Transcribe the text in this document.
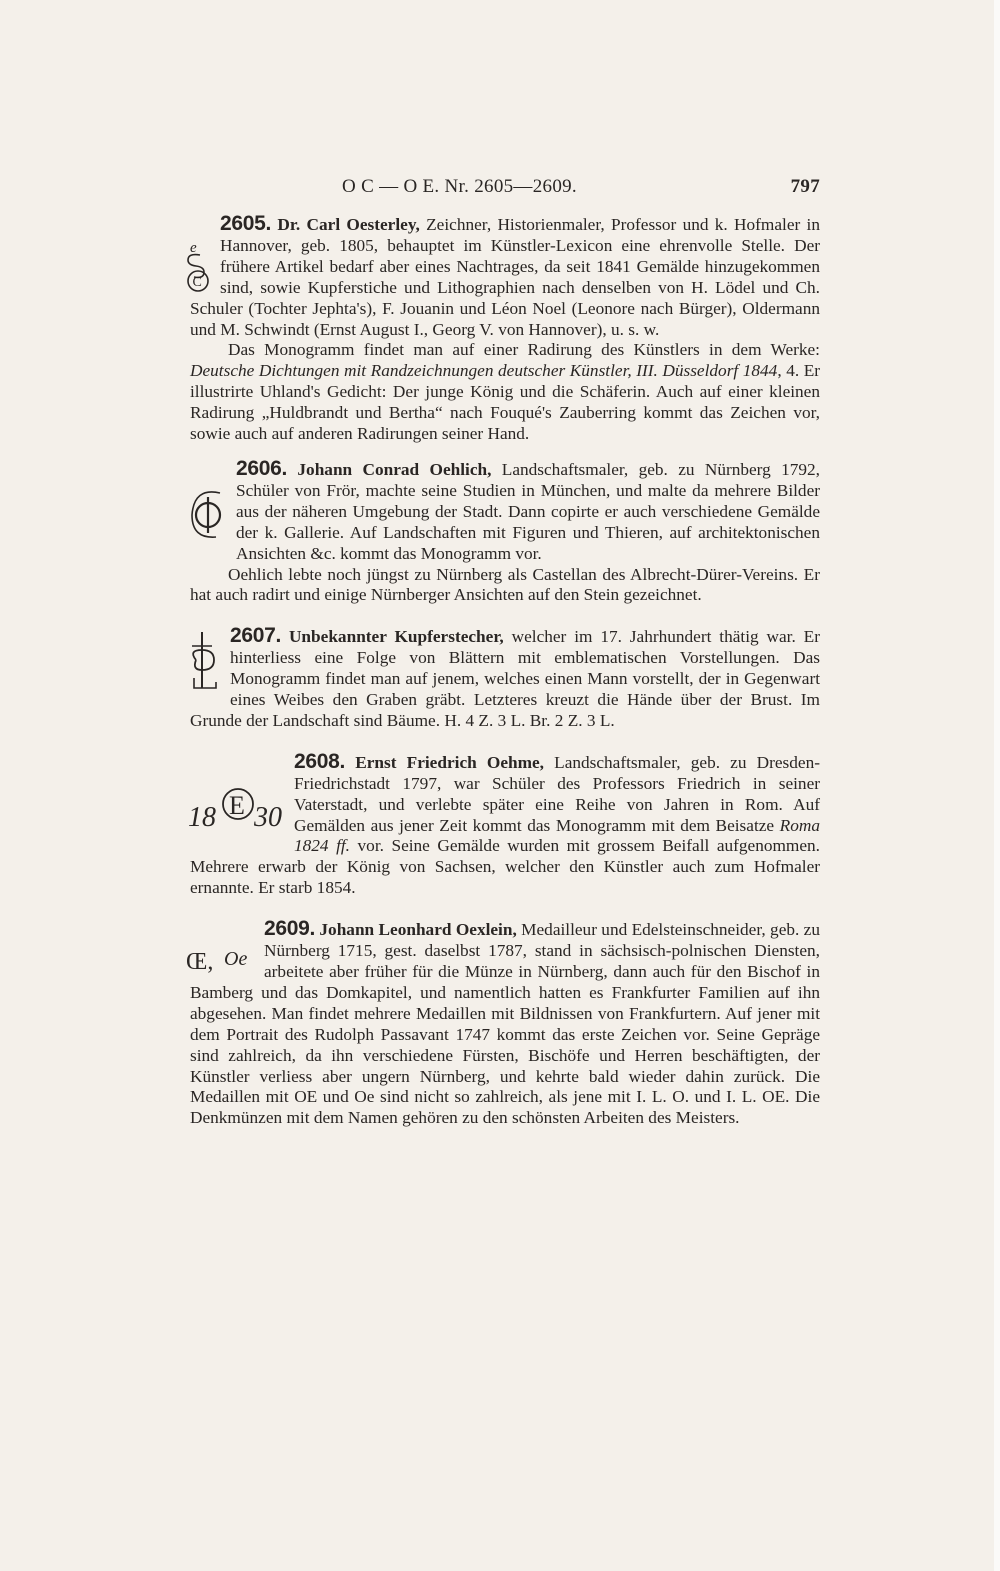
O C — O E. Nr. 2605—2609.	797
e
C

2605. Dr. Carl Oesterley, Zeichner, Historienmaler, Professor und k. Hofmaler in Hannover, geb. 1805, behauptet im Künstler-Lexicon eine ehrenvolle Stelle. Der frühere Artikel bedarf aber eines Nachtrages, da seit 1841 Gemälde hinzugekommen sind, sowie Kupferstiche und Lithographien nach denselben von H. Lödel und Ch. Schuler (Tochter Jephta's), F. Jouanin und Léon Noel (Leonore nach Bürger), Oldermann und M. Schwindt (Ernst August I., Georg V. von Hannover), u. s. w.

Das Monogramm findet man auf einer Radirung des Künstlers in dem Werke: Deutsche Dichtungen mit Randzeichnungen deutscher Künstler, III. Düsseldorf 1844, 4. Er illustrirte Uhland's Gedicht: Der junge König und die Schäferin. Auch auf einer kleinen Radirung „Huldbrandt und Bertha“ nach Fouqué's Zauberring kommt das Zeichen vor, sowie auch auf anderen Radirungen seiner Hand.

2606. Johann Conrad Oehlich, Landschaftsmaler, geb. zu Nürnberg 1792, Schüler von Frör, machte seine Studien in München, und malte da mehrere Bilder aus der näheren Umgebung der Stadt. Dann copirte er auch verschiedene Gemälde der k. Gallerie. Auf Landschaften mit Figuren und Thieren, auf architektonischen Ansichten &c. kommt das Monogramm vor.

Oehlich lebte noch jüngst zu Nürnberg als Castellan des Albrecht-Dürer-Vereins. Er hat auch radirt und einige Nürnberger Ansichten auf den Stein gezeichnet.

2607. Unbekannter Kupferstecher, welcher im 17. Jahrhundert thätig war. Er hinterliess eine Folge von Blättern mit emblematischen Vorstellungen. Das Monogramm findet man auf jenem, welches einen Mann vorstellt, der in Gegenwart eines Weibes den Graben gräbt. Letzteres kreuzt die Hände über der Brust. Im Grunde der Landschaft sind Bäume. H. 4 Z. 3 L. Br. 2 Z. 3 L.

18 E 30

2608. Ernst Friedrich Oehme, Landschaftsmaler, geb. zu Dresden-Friedrichstadt 1797, war Schüler des Professors Friedrich in seiner Vaterstadt, und verlebte später eine Reihe von Jahren in Rom. Auf Gemälden aus jener Zeit kommt das Monogramm mit dem Beisatze Roma 1824 ff. vor. Seine Gemälde wurden mit grossem Beifall aufgenommen. Mehrere erwarb der König von Sachsen, welcher den Künstler auch zum Hofmaler ernannte. Er starb 1854.

Œ, Oe

2609. Johann Leonhard Oexlein, Medailleur und Edelsteinschneider, geb. zu Nürnberg 1715, gest. daselbst 1787, stand in sächsisch-polnischen Diensten, arbeitete aber früher für die Münze in Nürnberg, dann auch für den Bischof in Bamberg und das Domkapitel, und namentlich hatten es Frankfurter Familien auf ihn abgesehen. Man findet mehrere Medaillen mit Bildnissen von Frankfurtern. Auf jener mit dem Portrait des Rudolph Passavant 1747 kommt das erste Zeichen vor. Seine Gepräge sind zahlreich, da ihn verschiedene Fürsten, Bischöfe und Herren beschäftigten, der Künstler verliess aber ungern Nürnberg, und kehrte bald wieder dahin zurück. Die Medaillen mit OE und Oe sind nicht so zahlreich, als jene mit I. L. O. und I. L. OE. Die Denkmünzen mit dem Namen gehören zu den schönsten Arbeiten des Meisters.
